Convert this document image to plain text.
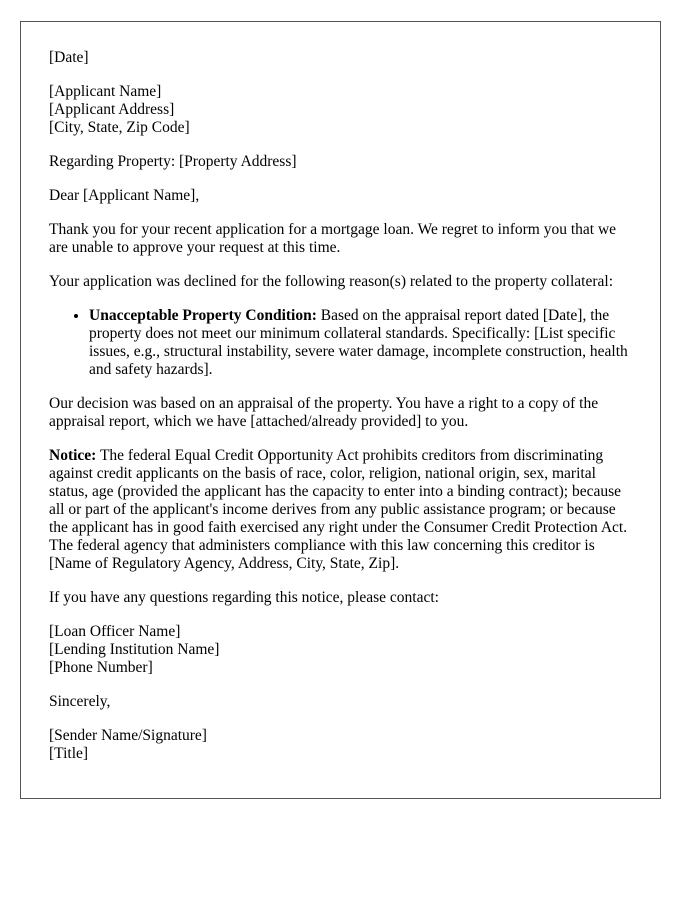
[Date]

[Applicant Name]
[Applicant Address]
[City, State, Zip Code]

Regarding Property: [Property Address]

Dear [Applicant Name],

Thank you for your recent application for a mortgage loan. We regret to inform you that we are unable to approve your request at this time.

Your application was declined for the following reason(s) related to the property collateral:

• Unacceptable Property Condition: Based on the appraisal report dated [Date], the property does not meet our minimum collateral standards. Specifically: [List specific issues, e.g., structural instability, severe water damage, incomplete construction, health and safety hazards].

Our decision was based on an appraisal of the property. You have a right to a copy of the appraisal report, which we have [attached/already provided] to you.

Notice: The federal Equal Credit Opportunity Act prohibits creditors from discriminating against credit applicants on the basis of race, color, religion, national origin, sex, marital status, age (provided the applicant has the capacity to enter into a binding contract); because all or part of the applicant's income derives from any public assistance program; or because the applicant has in good faith exercised any right under the Consumer Credit Protection Act. The federal agency that administers compliance with this law concerning this creditor is [Name of Regulatory Agency, Address, City, State, Zip].

If you have any questions regarding this notice, please contact:

[Loan Officer Name]
[Lending Institution Name]
[Phone Number]

Sincerely,

[Sender Name/Signature]
[Title]
